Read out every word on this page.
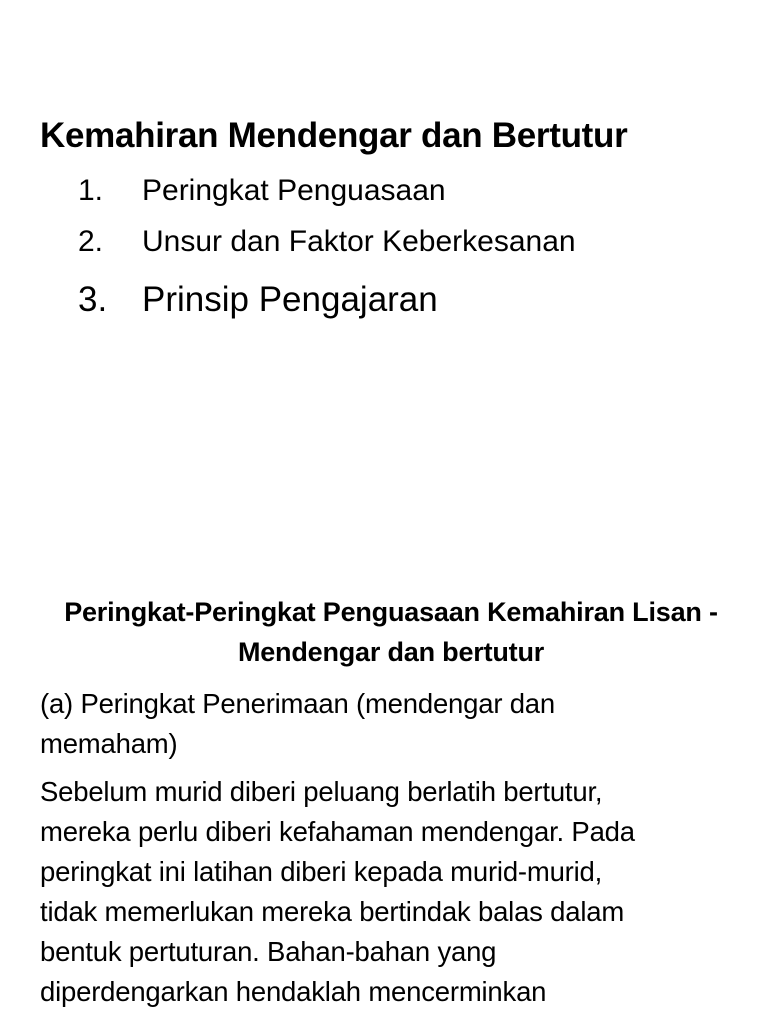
Kemahiran Mendengar dan Bertutur
1.	Peringkat Penguasaan
2.	Unsur dan Faktor Keberkesanan
3. Prinsip Pengajaran
Peringkat-Peringkat Penguasaan Kemahiran Lisan - Mendengar dan bertutur
(a) Peringkat Penerimaan (mendengar dan
memaham)
Sebelum murid diberi peluang berlatih bertutur,
mereka perlu diberi kefahaman mendengar. Pada
peringkat ini latihan diberi kepada murid-murid,
tidak memerlukan mereka bertindak balas dalam
bentuk pertuturan. Bahan-bahan yang
diperdengarkan hendaklah mencerminkan
